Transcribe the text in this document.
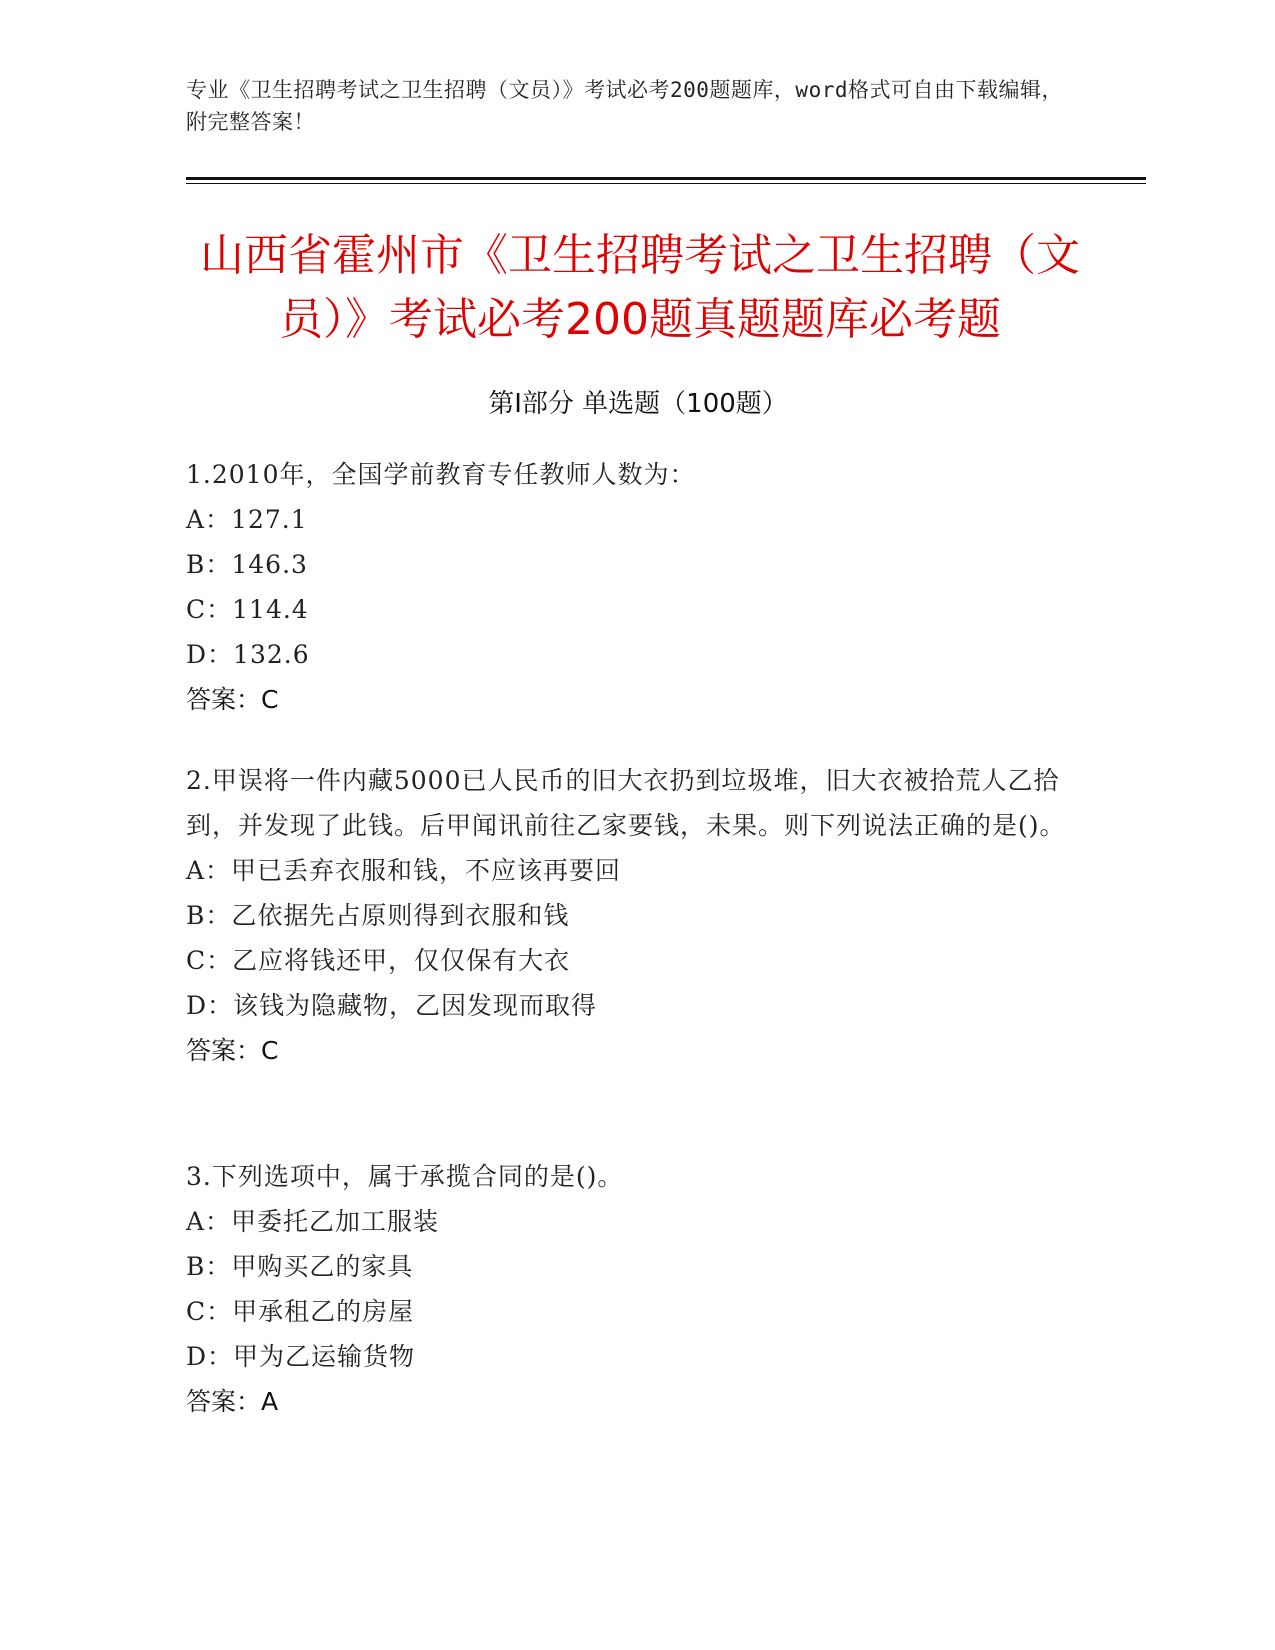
专业《卫生招聘考试之卫生招聘（文员）》考试必考200题题库，word格式可自由下载编辑，附完整答案！
山西省霍州市《卫生招聘考试之卫生招聘（文员）》考试必考200题真题题库必考题
第Ⅰ部分 单选题（100题）
1.2010年，全国学前教育专任教师人数为：
A：127.1
B：146.3
C：114.4
D：132.6
答案：C
2.甲误将一件内藏5000已人民币的旧大衣扔到垃圾堆，旧大衣被拾荒人乙拾到，并发现了此钱。后甲闻讯前往乙家要钱，未果。则下列说法正确的是()。
A：甲已丢弃衣服和钱，不应该再要回
B：乙依据先占原则得到衣服和钱
C：乙应将钱还甲，仅仅保有大衣
D：该钱为隐藏物，乙因发现而取得
答案：C
3.下列选项中，属于承揽合同的是()。
A：甲委托乙加工服装
B：甲购买乙的家具
C：甲承租乙的房屋
D：甲为乙运输货物
答案：A
